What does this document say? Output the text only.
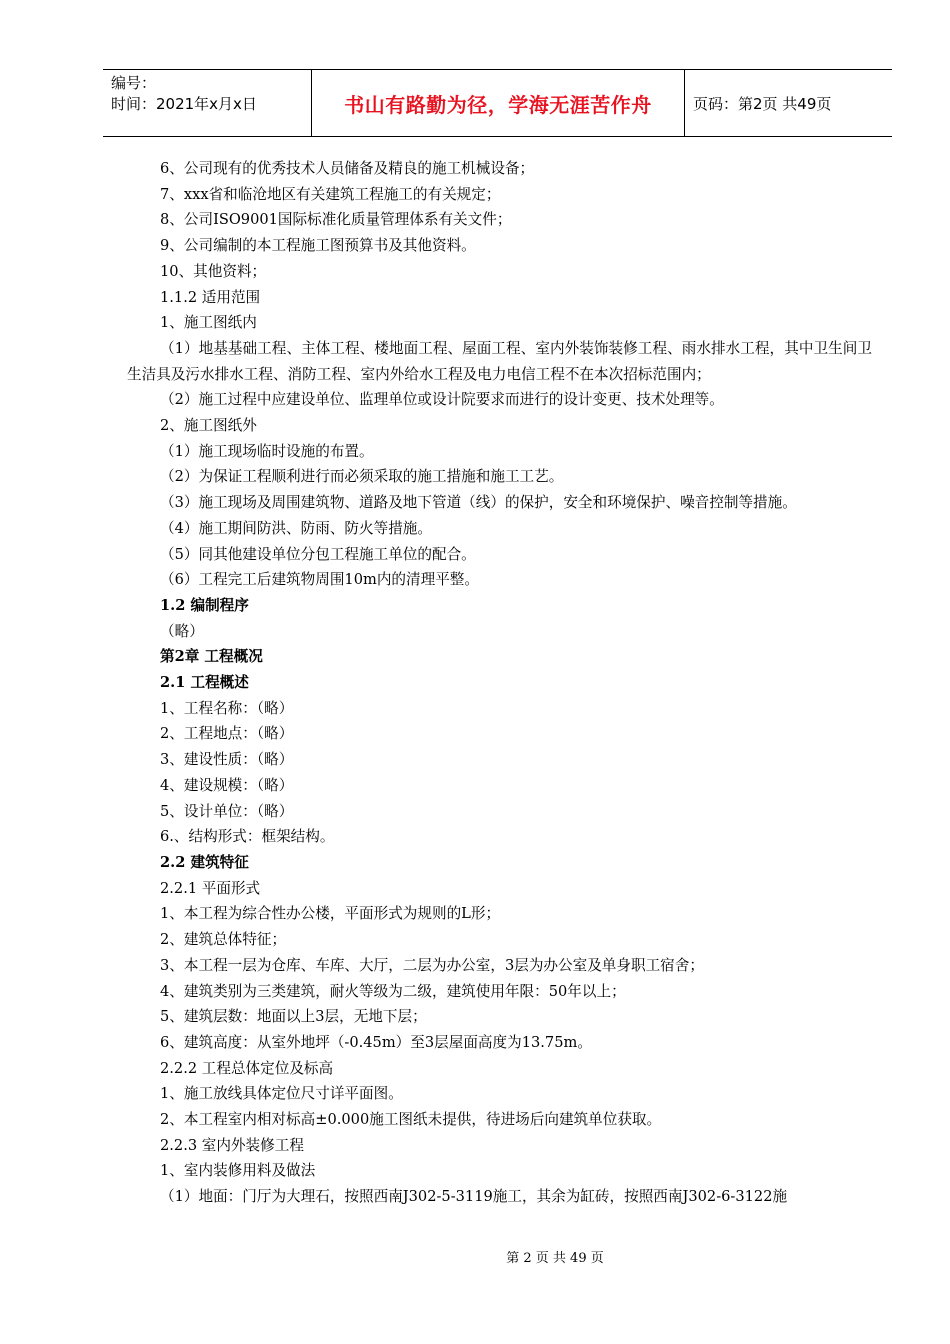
编号：
时间：2021年x月x日	书山有路勤为径，学海无涯苦作舟	页码：第2页 共49页

6、公司现有的优秀技术人员储备及精良的施工机械设备；

7、xxx省和临沧地区有关建筑工程施工的有关规定；

8、公司ISO9001国际标准化质量管理体系有关文件；

9、公司编制的本工程施工图预算书及其他资料。

10、其他资料；

1.1.2 适用范围

1、施工图纸内

（1）地基基础工程、主体工程、楼地面工程、屋面工程、室内外装饰装修工程、雨水排水工程，其中卫生间卫生洁具及污水排水工程、消防工程、室内外给水工程及电力电信工程不在本次招标范围内；

（2）施工过程中应建设单位、监理单位或设计院要求而进行的设计变更、技术处理等。

2、施工图纸外

（1）施工现场临时设施的布置。

（2）为保证工程顺利进行而必须采取的施工措施和施工工艺。

（3）施工现场及周围建筑物、道路及地下管道（线）的保护，安全和环境保护、噪音控制等措施。

（4）施工期间防洪、防雨、防火等措施。

（5）同其他建设单位分包工程施工单位的配合。

（6）工程完工后建筑物周围10m内的清理平整。

1.2 编制程序

（略）

第2章 工程概况

2.1 工程概述

1、工程名称：（略）

2、工程地点：（略）

3、建设性质：（略）

4、建设规模：（略）

5、设计单位：（略）

6.、结构形式：框架结构。

2.2 建筑特征

2.2.1 平面形式

1、本工程为综合性办公楼，平面形式为规则的L形；

2、建筑总体特征；

3、本工程一层为仓库、车库、大厅，二层为办公室，3层为办公室及单身职工宿舍；

4、建筑类别为三类建筑，耐火等级为二级，建筑使用年限：50年以上；

5、建筑层数：地面以上3层，无地下层；

6、建筑高度：从室外地坪（-0.45m）至3层屋面高度为13.75m。

2.2.2 工程总体定位及标高

1、施工放线具体定位尺寸详平面图。

2、本工程室内相对标高±0.000施工图纸未提供，待进场后向建筑单位获取。

2.2.3 室内外装修工程

1、室内装修用料及做法

（1）地面：门厅为大理石，按照西南J302-5-3119施工，其余为缸砖，按照西南J302-6-3122施

第 2 页 共 49 页
